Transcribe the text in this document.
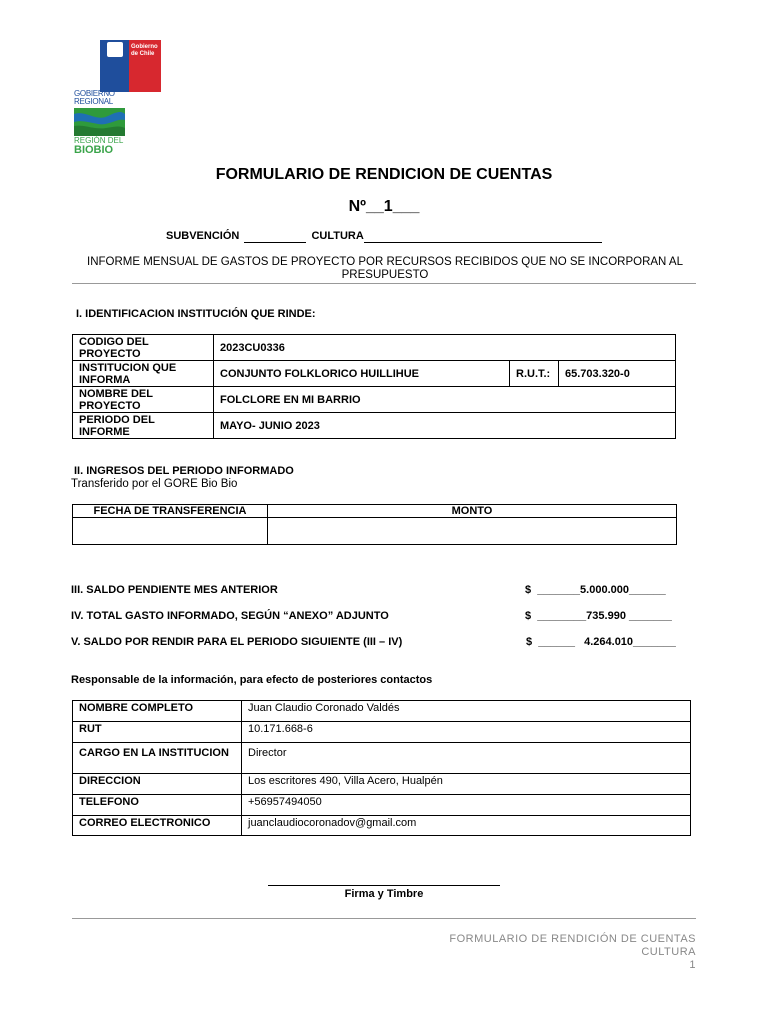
Gobierno de Chile
GOBIERNO REGIONAL
REGIÓN DEL
BIOBIO
FORMULARIO DE RENDICION DE CUENTAS
Nº__1___
SUBVENCIÓN	CULTURA
INFORME MENSUAL DE GASTOS DE PROYECTO POR RECURSOS RECIBIDOS QUE NO SE INCORPORAN AL PRESUPUESTO
I. IDENTIFICACION INSTITUCIÓN QUE RINDE:
CODIGO DEL PROYECTO	2023CU0336		
INSTITUCION QUE INFORMA	CONJUNTO FOLKLORICO HUILLIHUE	R.U.T.:	65.703.320-0
NOMBRE DEL PROYECTO	FOLCLORE EN MI BARRIO		
PERIODO DEL INFORME	MAYO- JUNIO 2023		
II. INGRESOS DEL PERIODO INFORMADO
Transferido por el GORE Bio Bio
FECHA DE TRANSFERENCIA	MONTO

III. SALDO PENDIENTE MES ANTERIOR	$  _______5.000.000______
IV. TOTAL GASTO INFORMADO, SEGÚN “ANEXO” ADJUNTO	$  ________735.990 _______
V. SALDO POR RENDIR PARA EL PERIODO SIGUIENTE (III – IV)	$  ______   4.264.010_______
Responsable de la información, para efecto de posteriores contactos
NOMBRE COMPLETO	Juan Claudio Coronado Valdés
RUT	10.171.668-6
CARGO EN LA INSTITUCION	Director
DIRECCION	Los escritores 490, Villa Acero, Hualpén
TELEFONO	+56957494050
CORREO ELECTRONICO	juanclaudiocoronadov@gmail.com
Firma y Timbre
FORMULARIO DE RENDICIÓN DE CUENTAS
CULTURA
1
